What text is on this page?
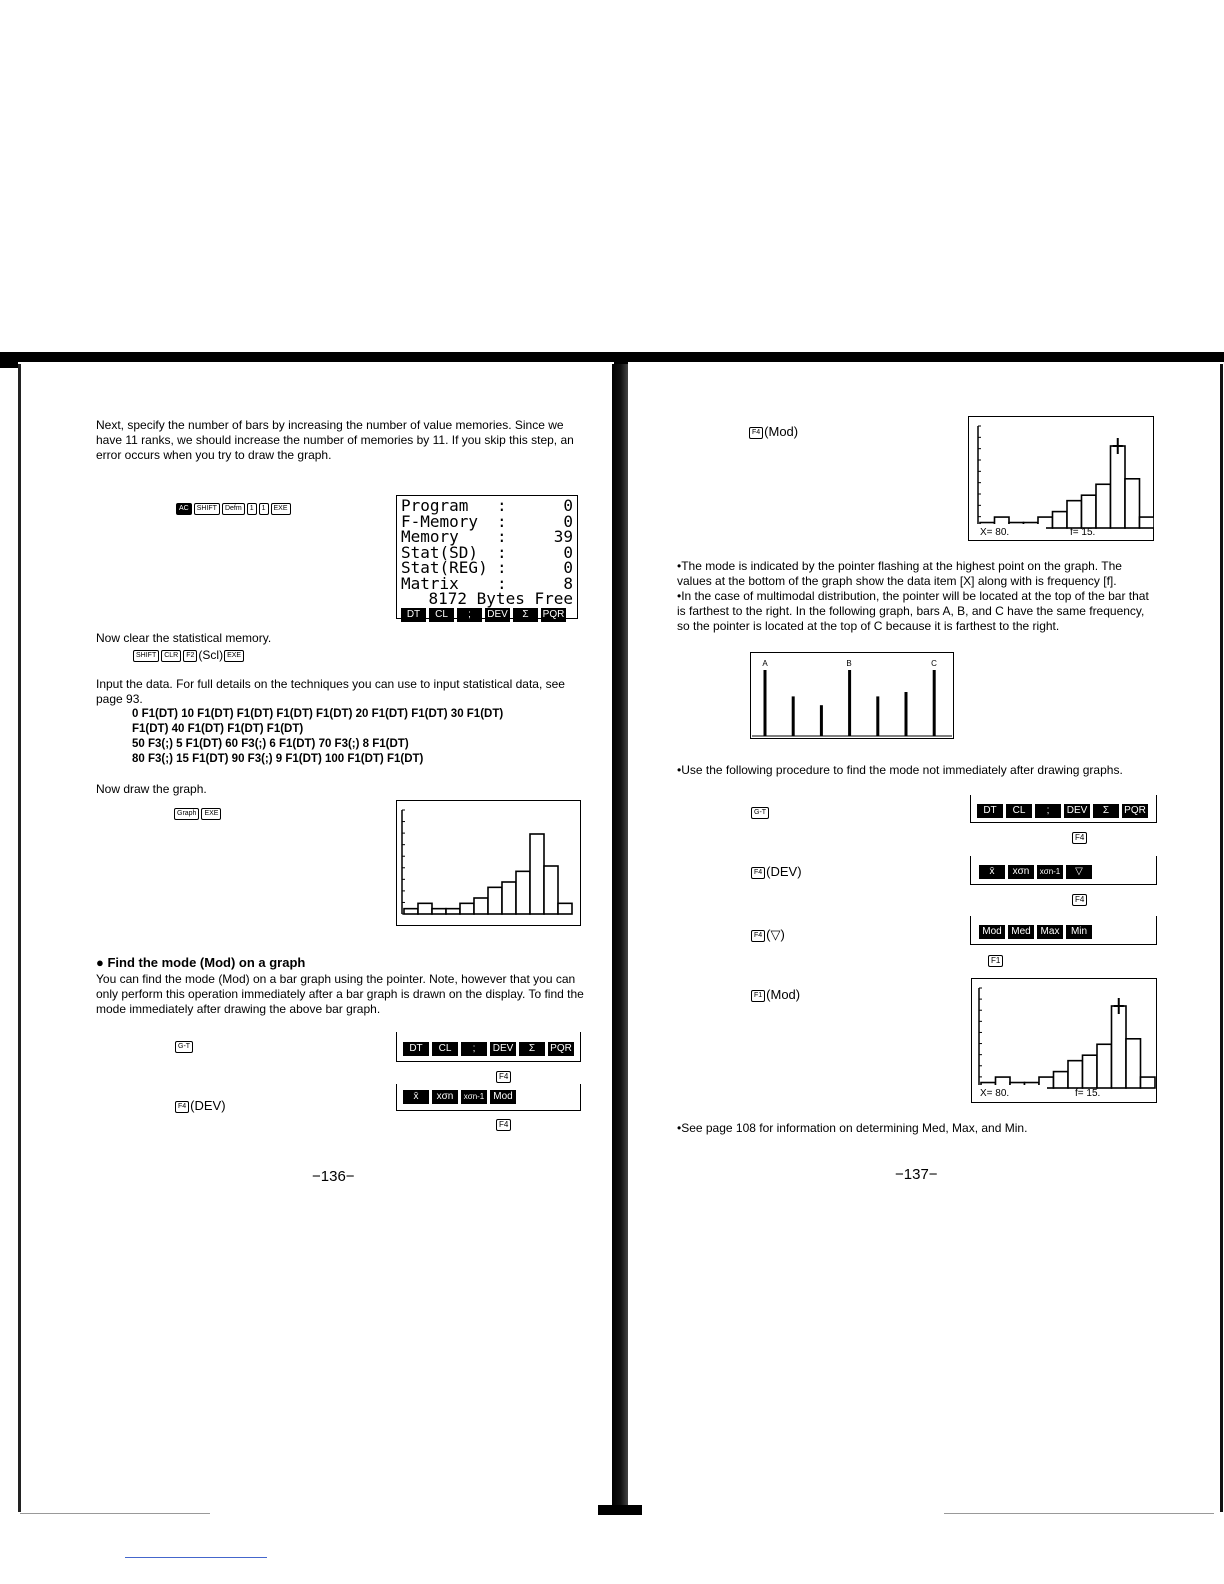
Next, specify the number of bars by increasing the number of value memories. Since we have 11 ranks, we should increase the number of memories by 11. If you skip this step, an error occurs when you try to draw the graph.

AC SHIFT Defm 1 1 EXE	Program	:	0
F-Memory	:	0
Memory	:	39
Stat(SD)	:	0
Stat(REG) :	0
Matrix	:	8
8172 Bytes Free
DT	CL	;	DEV	Σ	PQR

Now clear the statistical memory.

SHIFT CLR F2 (Scl) EXE

Input the data. For full details on the techniques you can use to input statistical data, see page 93.

0 F1(DT) 10 F1(DT) F1(DT) F1(DT) F1(DT) 20 F1(DT) F1(DT) 30 F1(DT)
F1(DT) 40 F1(DT) F1(DT) F1(DT)
50 F3(;) 5 F1(DT) 60 F3(;) 6 F1(DT) 70 F3(;) 8 F1(DT)
80 F3(;) 15 F1(DT) 90 F3(;) 9 F1(DT) 100 F1(DT) F1(DT)

Now draw the graph.

Graph EXE
● Find the mode (Mod) on a graph

You can find the mode (Mod) on a bar graph using the pointer. Note, however that you can only perform this operation immediately after a bar graph is drawn on the display. To find the mode immediately after drawing the above bar graph.

G-T	DT	CL	;	DEV	Σ	PQR
F4
F4 (DEV)
x̄	xσn	xσn-1 Mod
F4
−136−
F4 (Mod)
X= 80.	f= 15.

•The mode is indicated by the pointer flashing at the highest point on the graph. The values at the bottom of the graph show the data item [X] along with is frequency [f].

•In the case of multimodal distribution, the pointer will be located at the top of the bar that is farthest to the right. In the following graph, bars A, B, and C have the same frequency, so the pointer is located at the top of C because it is farthest to the right.

A	B	C

•Use the following procedure to find the mode not immediately after drawing graphs.

G-T	DT	CL	;	DEV	Σ	PQR
F4
F4 (DEV)	x̄	xσn	xσn-1	▽
F4
F4 (▽)	Mod Med Max	Min
F1
F1 (Mod)
X= 80.	f= 15.

•See page 108 for information on determining Med, Max, and Min.

−137−
